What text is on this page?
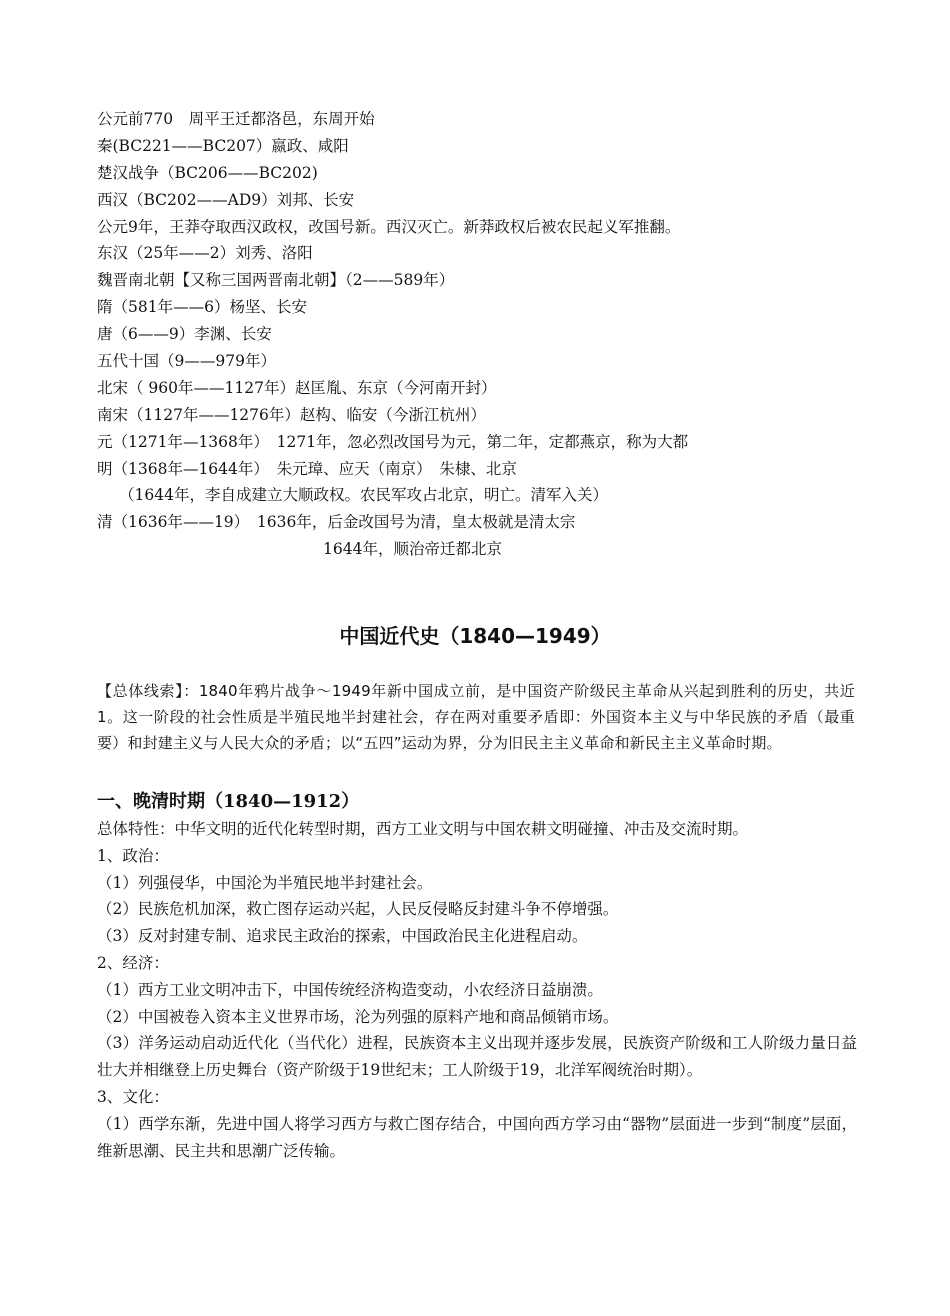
公元前770　周平王迁都洛邑，东周开始
秦(BC221——BC207）嬴政、咸阳
楚汉战争（BC206——BC202)
西汉（BC202——AD9）刘邦、长安
公元9年，王莽夺取西汉政权，改国号新。西汉灭亡。新莽政权后被农民起义军推翻。
东汉（25年——2）刘秀、洛阳
魏晋南北朝【又称三国两晋南北朝】（2——589年）
隋（581年——6）杨坚、长安
唐（6——9）李渊、长安
五代十国（9——979年）
北宋（ 960年——1127年）赵匡胤、东京（今河南开封）
南宋（1127年——1276年）赵构、临安（今浙江杭州）
元（1271年—1368年）　1271年，忽必烈改国号为元，第二年，定都燕京，称为大都
明（1368年—1644年）　朱元璋、应天（南京）　朱棣、北京
（1644年，李自成建立大顺政权。农民军攻占北京，明亡。清军入关）
清（1636年——19）　1636年，后金改国号为清，皇太极就是清太宗
1644年，顺治帝迁都北京
中国近代史（1840—1949）
【总体线索】：1840年鸦片战争～1949年新中国成立前，是中国资产阶级民主革命从兴起到胜利的历史，共近1。这一阶段的社会性质是半殖民地半封建社会，存在两对重要矛盾即：外国资本主义与中华民族的矛盾（最重要）和封建主义与人民大众的矛盾；以“五四”运动为界，分为旧民主主义革命和新民主主义革命时期。
一、晚清时期（1840—1912）
总体特性：中华文明的近代化转型时期，西方工业文明与中国农耕文明碰撞、冲击及交流时期。
1、政治：
（1）列强侵华，中国沦为半殖民地半封建社会。
（2）民族危机加深，救亡图存运动兴起，人民反侵略反封建斗争不停增强。
（3）反对封建专制、追求民主政治的探索，中国政治民主化进程启动。
2、经济：
（1）西方工业文明冲击下，中国传统经济构造变动，小农经济日益崩溃。
（2）中国被卷入资本主义世界市场，沦为列强的原料产地和商品倾销市场。
（3）洋务运动启动近代化（当代化）进程，民族资本主义出现并逐步发展，民族资产阶级和工人阶级力量日益壮大并相继登上历史舞台（资产阶级于19世纪末；工人阶级于19，北洋军阀统治时期）。
3、文化：
（1）西学东渐，先进中国人将学习西方与救亡图存结合，中国向西方学习由“器物”层面进一步到“制度”层面，维新思潮、民主共和思潮广泛传输。
